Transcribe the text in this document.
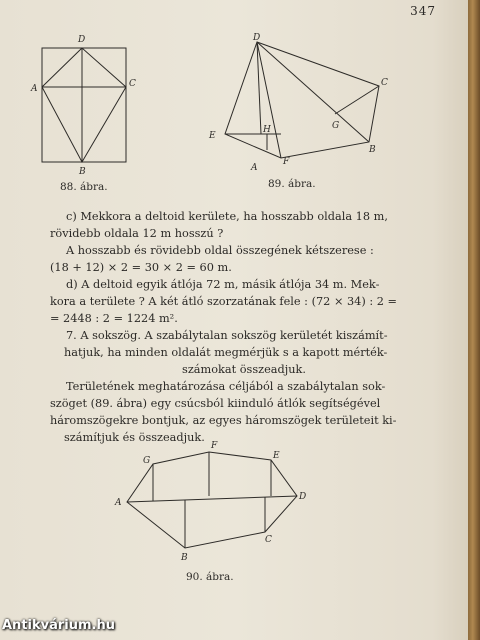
347
D
A	C
B
88. ábra.
D
C
E
H	G
B
A
F
89. ábra.

c) Mekkora a deltoid kerülete, ha hosszabb oldala 18 m,

rövidebb oldala 12 m hosszú ?

A hosszabb és rövidebb oldal összegének kétszerese :

(18 + 12) × 2 = 30 × 2 = 60 m.

d) A deltoid egyik átlója 72 m, másik átlója 34 m. Mek-

kora a területe ? A két átló szorzatának fele : (72 × 34) : 2 =

= 2448 : 2 = 1224 m².

7. A sokszög. A szabálytalan sokszög kerületét kiszámít-

hatjuk, ha minden oldalát megmérjük s a kapott mérték-

számokat összeadjuk.

Területének meghatározása céljából a szabálytalan sok-

szöget (89. ábra) egy csúcsból kiinduló átlók segítségével

háromszögekre bontjuk, az egyes háromszögek területeit ki-

számítjuk és összeadjuk.

F
G	E
A
D
B
C
90. ábra.
Antikvárium.hu
